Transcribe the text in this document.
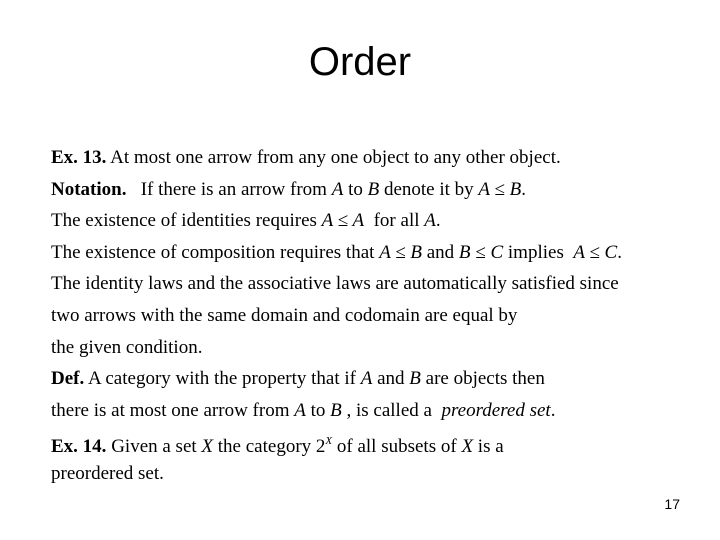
Order
Ex. 13. At most one arrow from any one object to any other object.
Notation. If there is an arrow from A to B denote it by A ≤ B.
The existence of identities requires A ≤ A for all A.
The existence of composition requires that A ≤ B and B ≤ C implies A ≤ C.
The identity laws and the associative laws are automatically satisfied since
two arrows with the same domain and codomain are equal by
the given condition.
Def. A category with the property that if A and B are objects then
there is at most one arrow from A to B , is called a preordered set.
Ex. 14. Given a set X the category $2^X$ of all subsets of X is a
preordered set.
17
